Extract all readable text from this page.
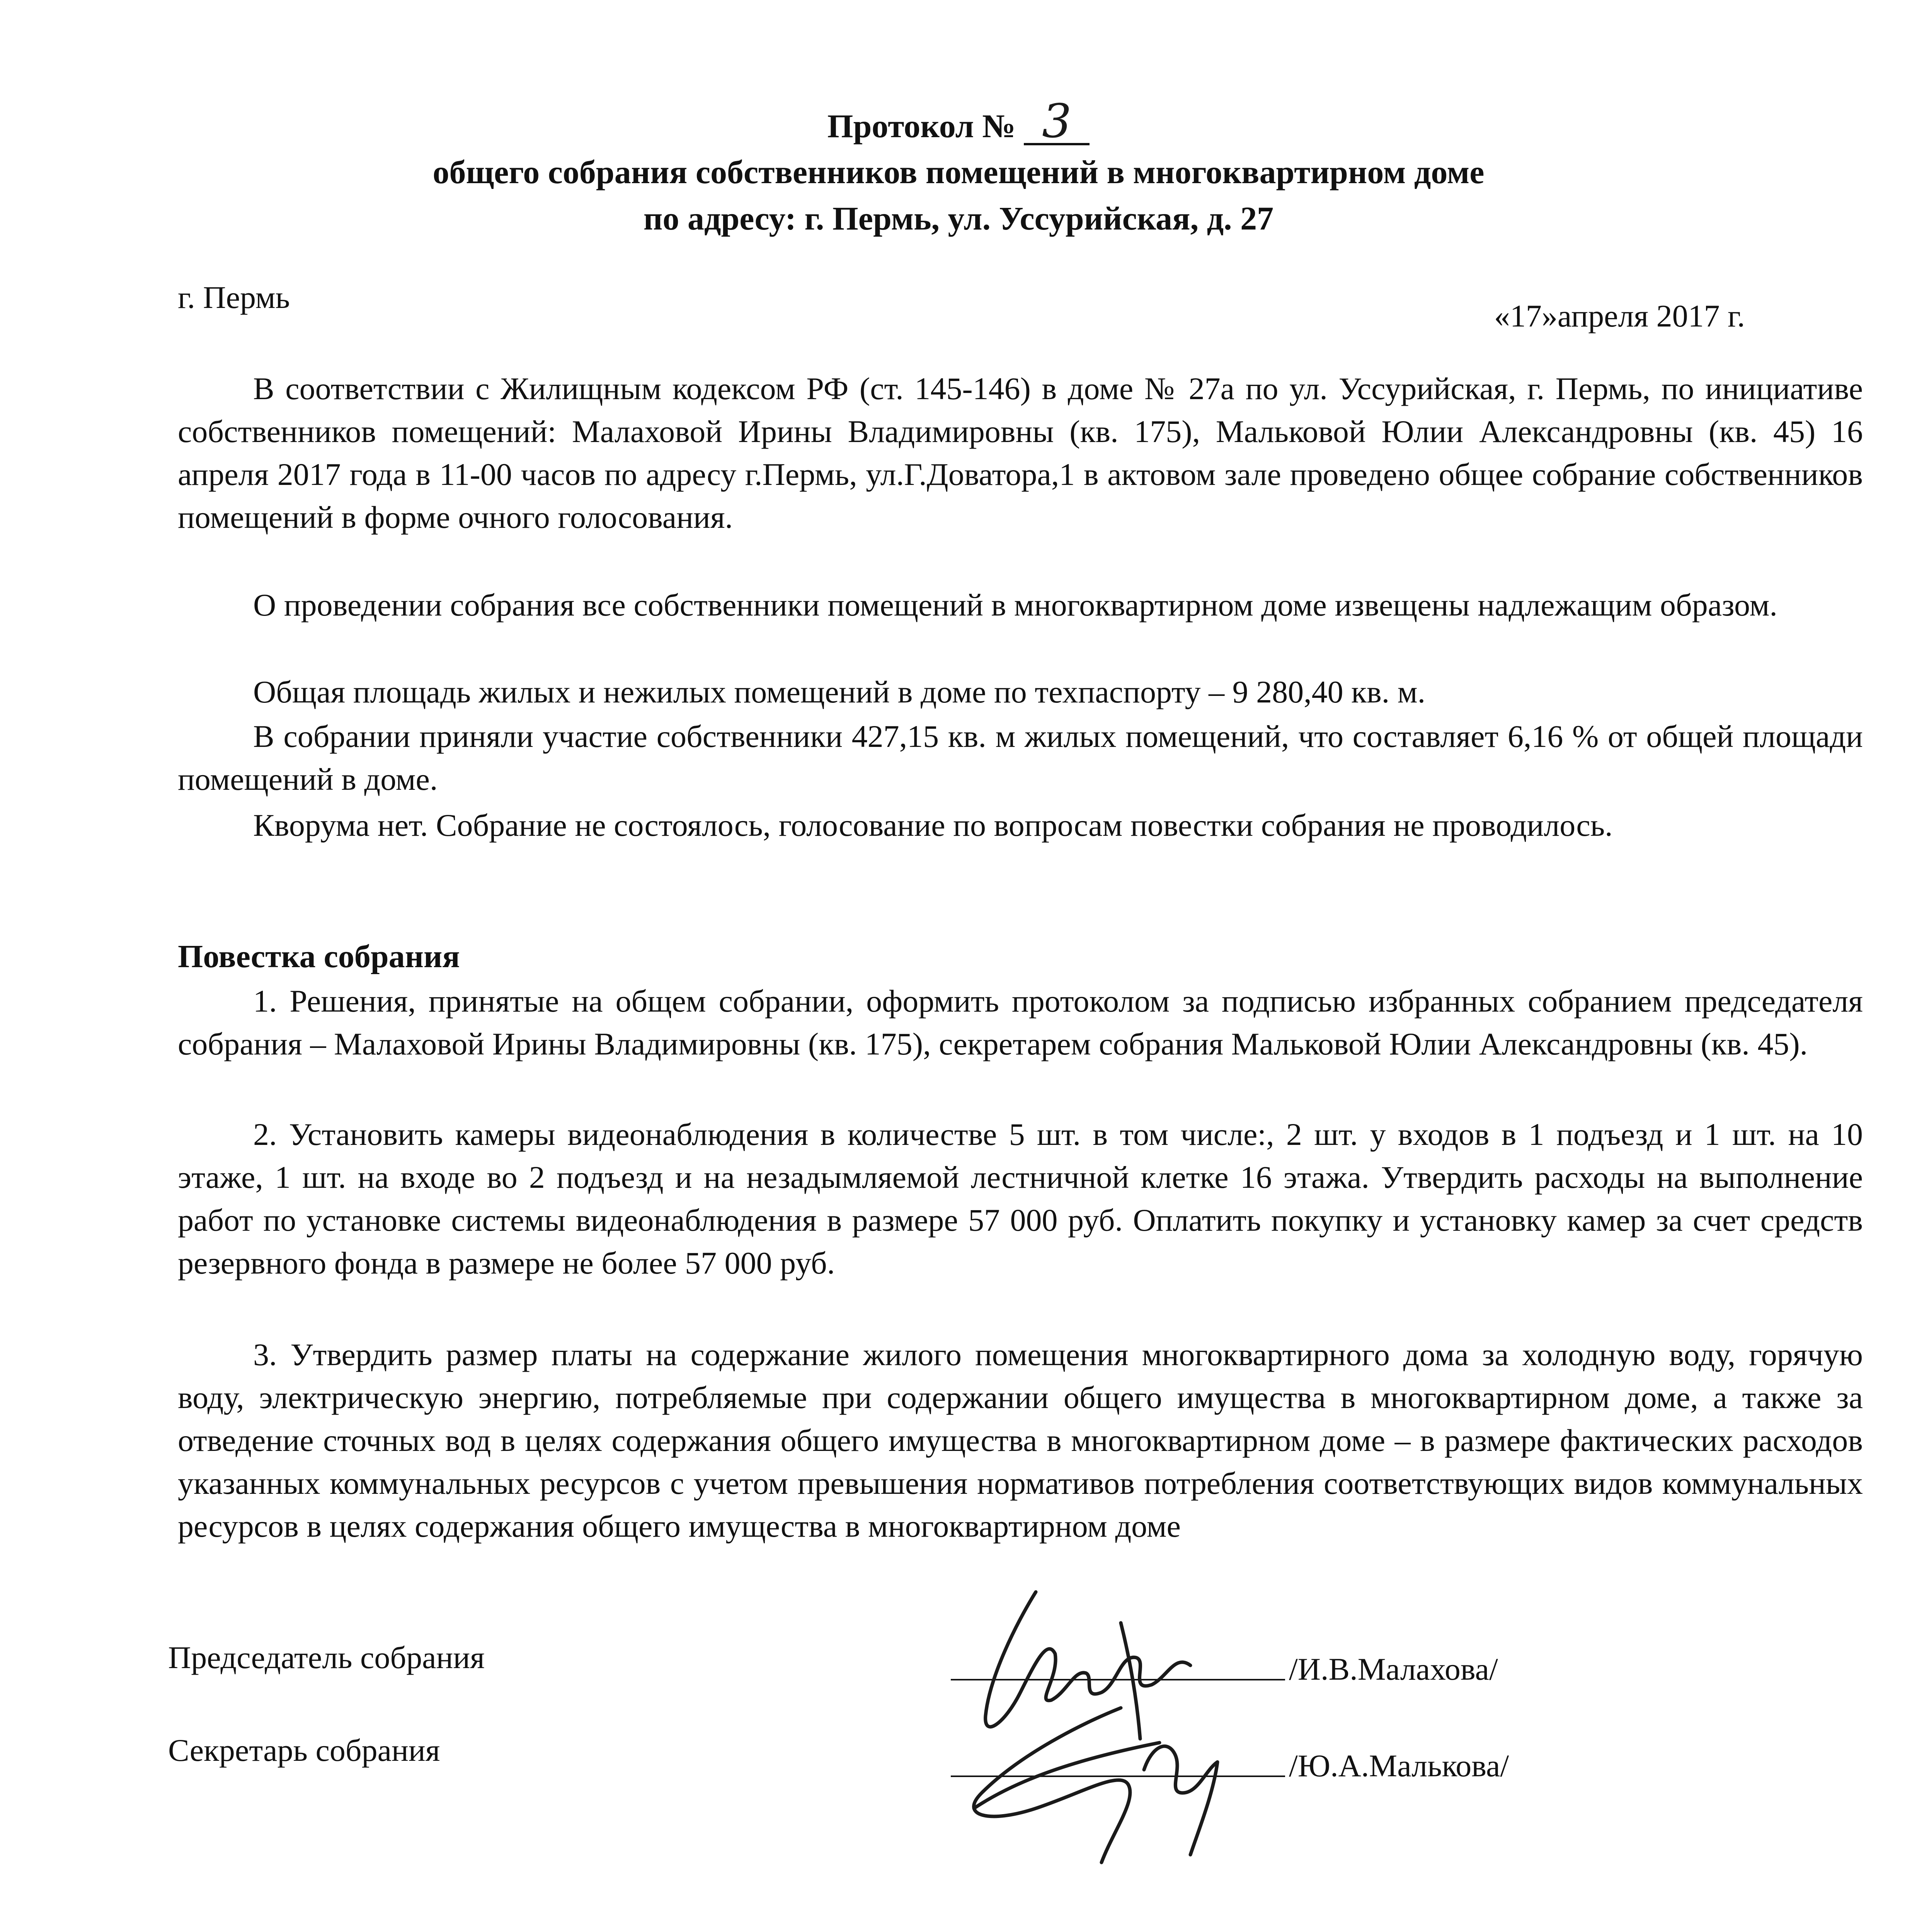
Протокол № 3
общего собрания собственников помещений в многоквартирном доме
по адресу: г. Пермь, ул. Уссурийская, д. 27
г. Пермь
«17»апреля 2017 г.
В соответствии с Жилищным кодексом РФ (ст. 145-146) в доме № 27а по ул. Уссурийская, г. Пермь, по инициативе собственников помещений: Малаховой Ирины Владимировны (кв. 175), Мальковой Юлии Александровны (кв. 45) 16 апреля 2017 года в 11-00 часов по адресу г.Пермь, ул.Г.Доватора,1 в актовом зале проведено общее собрание собственников помещений в форме очного голосования.
О проведении собрания все собственники помещений в многоквартирном доме извещены надлежащим образом.
Общая площадь жилых и нежилых помещений в доме по техпаспорту – 9 280,40 кв. м.
В собрании приняли участие собственники 427,15 кв. м жилых помещений, что составляет 6,16 % от общей площади помещений в доме.
Кворума нет. Собрание не состоялось, голосование по вопросам повестки собрания не проводилось.
Повестка собрания
1. Решения, принятые на общем собрании, оформить протоколом за подписью избранных собранием председателя собрания – Малаховой Ирины Владимировны (кв. 175), секретарем собрания Мальковой Юлии Александровны (кв. 45).
2. Установить камеры видеонаблюдения в количестве 5 шт. в том числе:, 2 шт. у входов в 1 подъезд и 1 шт. на 10 этаже, 1 шт. на входе во 2 подъезд и на незадымляемой лестничной клетке 16 этажа. Утвердить расходы на выполнение работ по установке системы видеонаблюдения в размере 57 000 руб. Оплатить покупку и установку камер за счет средств резервного фонда в размере не более 57 000 руб.
3. Утвердить размер платы на содержание жилого помещения многоквартирного дома за холодную воду, горячую воду, электрическую энергию, потребляемые при содержании общего имущества в многоквартирном доме, а также за отведение сточных вод в целях содержания общего имущества в многоквартирном доме – в размере фактических расходов указанных коммунальных ресурсов с учетом превышения нормативов потребления соответствующих видов коммунальных ресурсов в целях содержания общего имущества в многоквартирном доме
Председатель собрания	/И.В.Малахова/
Секретарь собрания	/Ю.А.Малькова/
